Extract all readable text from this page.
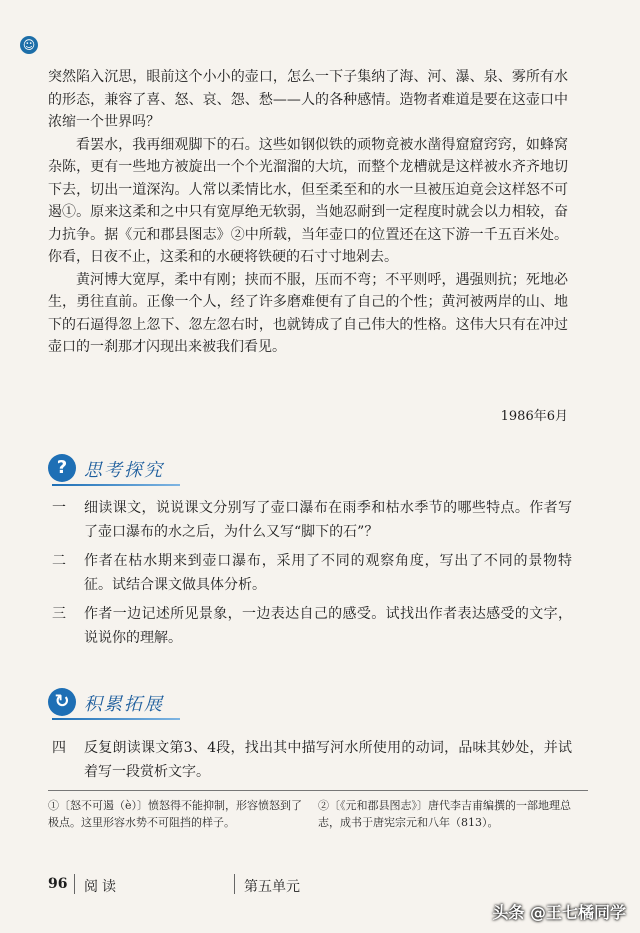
☺

突然陷入沉思，眼前这个小小的壶口，怎么一下子集纳了海、河、瀑、泉、雾所有水的形态，兼容了喜、怒、哀、怨、愁——人的各种感情。造物者难道是要在这壶口中浓缩一个世界吗？

看罢水，我再细观脚下的石。这些如钢似铁的顽物竟被水凿得窟窟窍窍，如蜂窝杂陈，更有一些地方被旋出一个个光溜溜的大坑，而整个龙槽就是这样被水齐齐地切下去，切出一道深沟。人常以柔情比水，但至柔至和的水一旦被压迫竟会这样怒不可遏①。原来这柔和之中只有宽厚绝无软弱，当她忍耐到一定程度时就会以力相较，奋力抗争。据《元和郡县图志》②中所载，当年壶口的位置还在这下游一千五百米处。你看，日夜不止，这柔和的水硬将铁硬的石寸寸地剁去。

黄河博大宽厚，柔中有刚；挟而不服，压而不弯；不平则呼，遇强则抗；死地必生，勇往直前。正像一个人，经了许多磨难便有了自己的个性；黄河被两岸的山、地下的石逼得忽上忽下、忽左忽右时，也就铸成了自己伟大的性格。这伟大只有在冲过壶口的一刹那才闪现出来被我们看见。

1986年6月
? 思考探究
一	细读课文，说说课文分别写了壶口瀑布在雨季和枯水季节的哪些特点。作者写了壶口瀑布的水之后，为什么又写“脚下的石”？
二	作者在枯水期来到壶口瀑布，采用了不同的观察角度，写出了不同的景物特征。试结合课文做具体分析。
三	作者一边记述所见景象，一边表达自己的感受。试找出作者表达感受的文字，说说你的理解。
↻ 积累拓展
四	反复朗读课文第3、4段，找出其中描写河水所使用的动词，品味其妙处，并试着写一段赏析文字。
①〔怒不可遏（è）〕愤怒得不能抑制，形容愤怒到了极点。这里形容水势不可阻挡的样子。
②〔《元和郡县图志》〕唐代李吉甫编撰的一部地理总志，成书于唐宪宗元和八年（813）。
96 阅读	第五单元
头条 @王七橘同学
